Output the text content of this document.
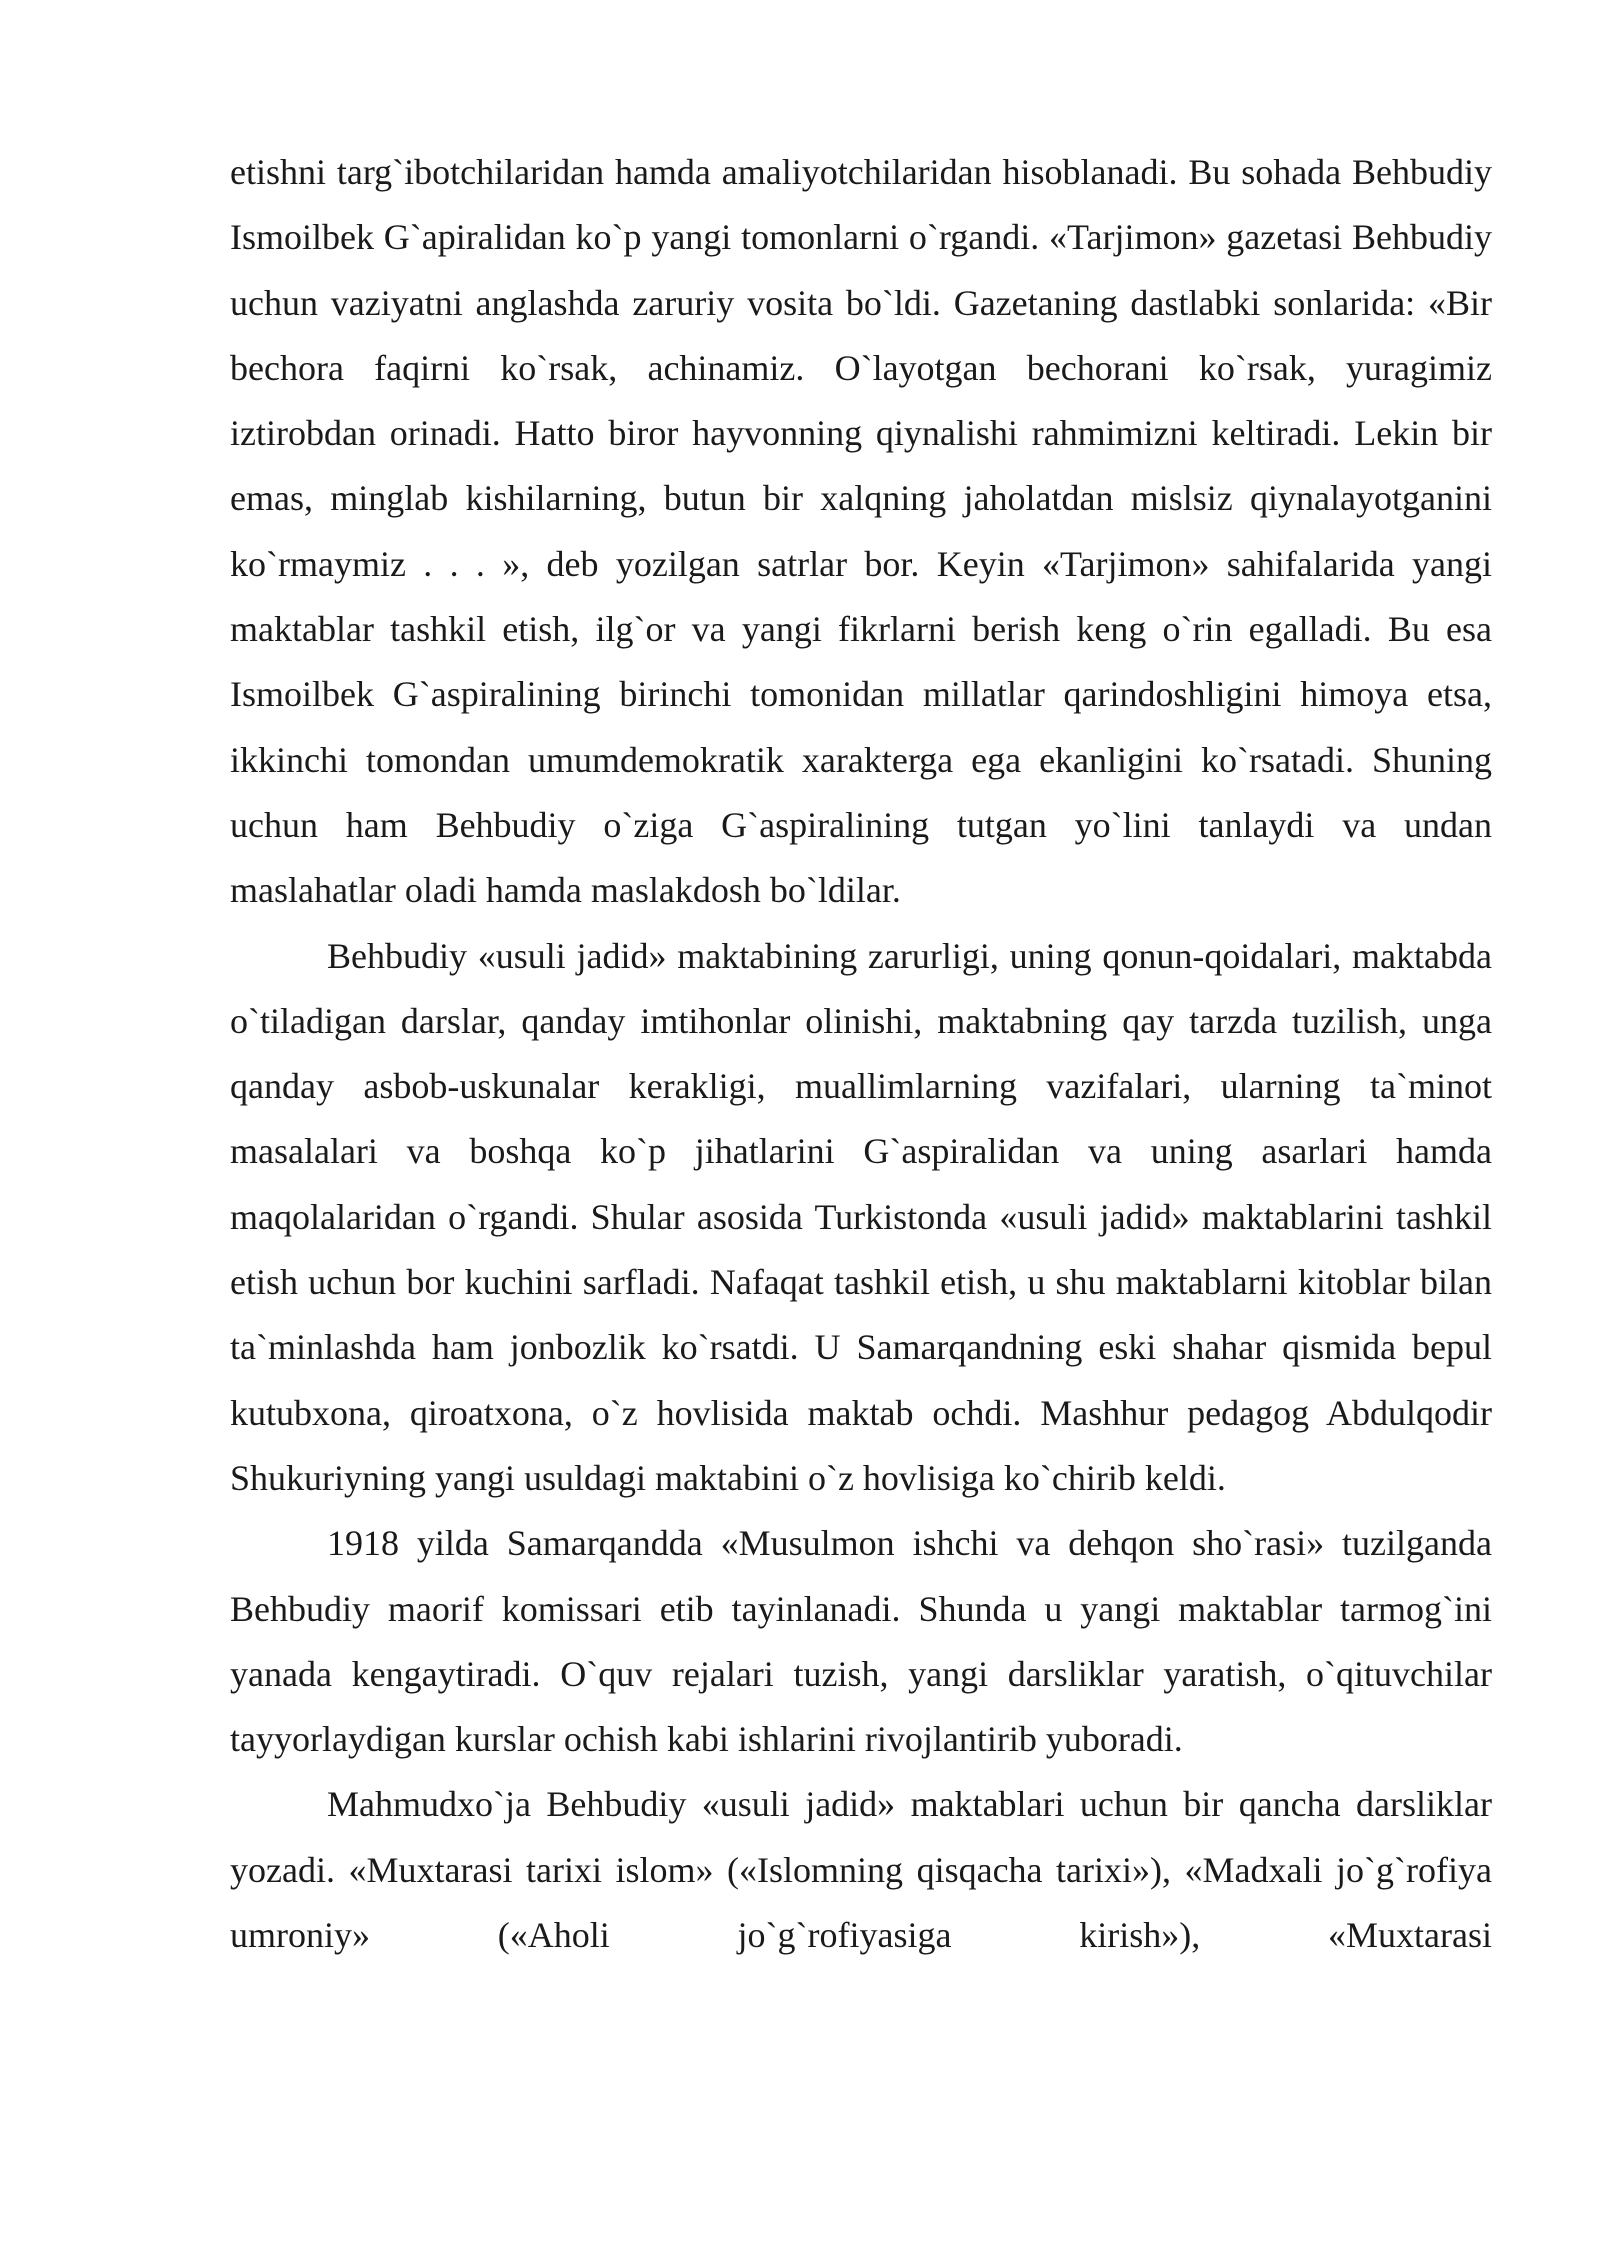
etishni targ`ibotchilaridan hamda amaliyotchilaridan hisoblanadi. Bu sohada Behbudiy Ismoilbek G`apiralidan ko`p yangi tomonlarni o`rgandi. «Tarjimon» gazetasi Behbudiy uchun vaziyatni anglashda zaruriy vosita bo`ldi. Gazetaning dastlabki sonlarida: «Bir bechora faqirni ko`rsak, achinamiz. O`layotgan bechorani ko`rsak, yuragimiz iztirobdan orinadi. Hatto biror hayvonning qiynalishi rahmimizni keltiradi. Lekin bir emas, minglab kishilarning, butun bir xalqning jaholatdan mislsiz qiynalayotganini ko`rmaymiz . . . », deb yozilgan satrlar bor. Keyin «Tarjimon» sahifalarida yangi maktablar tashkil etish, ilg`or va yangi fikrlarni berish keng o`rin egalladi. Bu esa Ismoilbek G`aspiralining birinchi tomonidan millatlar qarindoshligini himoya etsa, ikkinchi tomondan umumdemokratik xarakterga ega ekanligini ko`rsatadi. Shuning uchun ham Behbudiy o`ziga G`aspiralining tutgan yo`lini tanlaydi va undan maslahatlar oladi hamda maslakdosh bo`ldilar.

Behbudiy «usuli jadid» maktabining zarurligi, uning qonun-qoidalari, maktabda o`tiladigan darslar, qanday imtihonlar olinishi, maktabning qay tarzda tuzilish, unga qanday asbob-uskunalar kerakligi, muallimlarning vazifalari, ularning ta`minot masalalari va boshqa ko`p jihatlarini G`aspiralidan va uning asarlari hamda maqolalaridan o`rgandi. Shular asosida Turkistonda «usuli jadid» maktablarini tashkil etish uchun bor kuchini sarfladi. Nafaqat tashkil etish, u shu maktablarni kitoblar bilan ta`minlashda ham jonbozlik ko`rsatdi. U Samarqandning eski shahar qismida bepul kutubxona, qiroatxona, o`z hovlisida maktab ochdi. Mashhur pedagog Abdulqodir Shukuriyning yangi usuldagi maktabini o`z hovlisiga ko`chirib keldi.

1918 yilda Samarqandda «Musulmon ishchi va dehqon sho`rasi» tuzilganda Behbudiy maorif komissari etib tayinlanadi. Shunda u yangi maktablar tarmog`ini yanada kengaytiradi. O`quv rejalari tuzish, yangi darsliklar yaratish, o`qituvchilar tayyorlaydigan kurslar ochish kabi ishlarini rivojlantirib yuboradi.

Mahmudxo`ja Behbudiy «usuli jadid» maktablari uchun bir qancha darsliklar yozadi. «Muxtarasi tarixi islom» («Islomning qisqacha tarixi»), «Madxali jo`g`rofiya umroniy» («Aholi jo`g`rofiyasiga kirish»), «Muxtarasi
